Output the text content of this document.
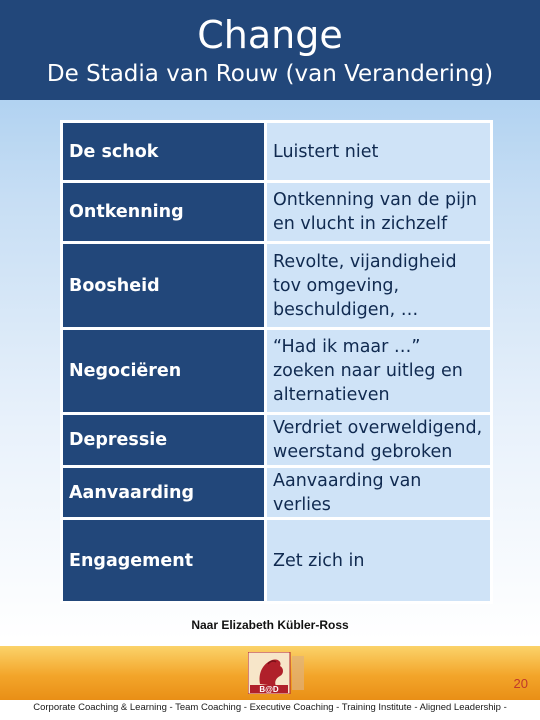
Change
De Stadia van Rouw (van Verandering)
De schok	Luistert niet
Ontkenning	Ontkenning van de pijn en vlucht in zichzelf
Boosheid	Revolte, vijandigheid tov omgeving, beschuldigen, …
Negociëren	“Had ik maar …” zoeken naar uitleg en alternatieven
Depressie	Verdriet overweldigend, weerstand gebroken
Aanvaarding	Aanvaarding van verlies
Engagement	Zet zich in
Naar Elizabeth Kübler-Ross
B@D	20
Corporate Coaching & Learning - Team Coaching - Executive Coaching - Training Institute - Aligned Leadership -
